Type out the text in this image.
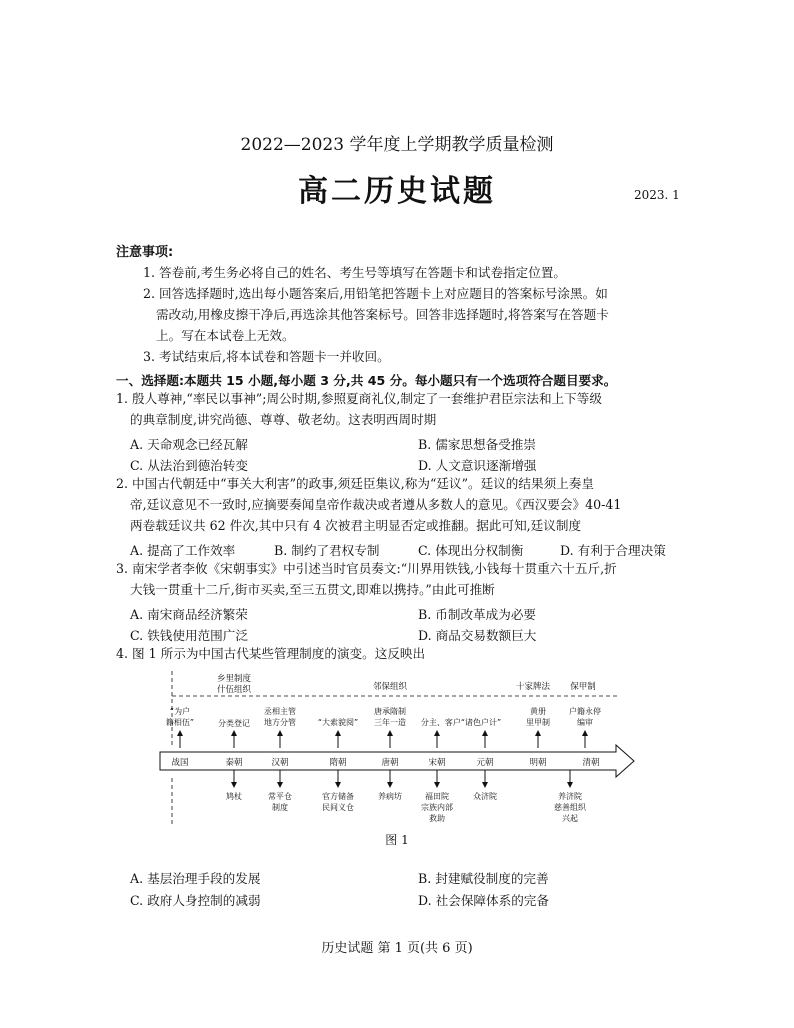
2022—2023 学年度上学期教学质量检测
高二历史试题	2023. 1
注意事项:
1. 答卷前,考生务必将自己的姓名、考生号等填写在答题卡和试卷指定位置。
2. 回答选择题时,选出每小题答案后,用铅笔把答题卡上对应题目的答案标号涂黑。如
需改动,用橡皮擦干净后,再选涂其他答案标号。回答非选择题时,将答案写在答题卡
上。写在本试卷上无效。
3. 考试结束后,将本试卷和答题卡一并收回。
一、选择题:本题共 15 小题,每小题 3 分,共 45 分。每小题只有一个选项符合题目要求。
1. 殷人尊神,“率民以事神”;周公时期,参照夏商礼仪,制定了一套维护君臣宗法和上下等级
的典章制度,讲究尚德、尊尊、敬老幼。这表明西周时期
A. 天命观念已经瓦解	B. 儒家思想备受推崇
C. 从法治到德治转变	D. 人文意识逐渐增强
2. 中国古代朝廷中“事关大利害”的政事,须廷臣集议,称为“廷议”。廷议的结果须上奏皇
帝,廷议意见不一致时,应摘要奏闻皇帝作裁决或者遵从多数人的意见。《西汉要会》40-41
两卷载廷议共 62 件次,其中只有 4 次被君主明显否定或推翻。据此可知,廷议制度
A. 提高了工作效率	B. 制约了君权专制	C. 体现出分权制衡	D. 有利于合理决策
3. 南宋学者李攸《宋朝事实》中引述当时官员奏文:“川界用铁钱,小钱每十贯重六十五斤,折
大钱一贯重十二斤,街市买卖,至三五贯文,即难以携持。”由此可推断
A. 南宋商品经济繁荣	B. 币制改革成为必要
C. 铁钱使用范围广泛	D. 商品交易数额巨大
4. 图 1 所示为中国古代某些管理制度的演变。这反映出
乡里制度
什伍组织	邻保组织	十家牌法 保甲制
“为户
籍相伍”	分类登记
丞相主管
地方分管	“大索貌阅”
唐承隋制
三年一造 分主、客户“诸色户计”
黄册
里甲制
户籍永停
编审
战国	秦朝	汉朝	隋朝	唐朝	宋朝	元朝	明朝	清朝
鸠杖	常平仓
制度
官方储备
民间义仓
养病坊	福田院
宗族内部
救助
众济院	养济院
慈善组织
兴起
图 1
A. 基层治理手段的发展	B. 封建赋役制度的完善
C. 政府人身控制的减弱	D. 社会保障体系的完备
历史试题 第 1 页(共 6 页)
